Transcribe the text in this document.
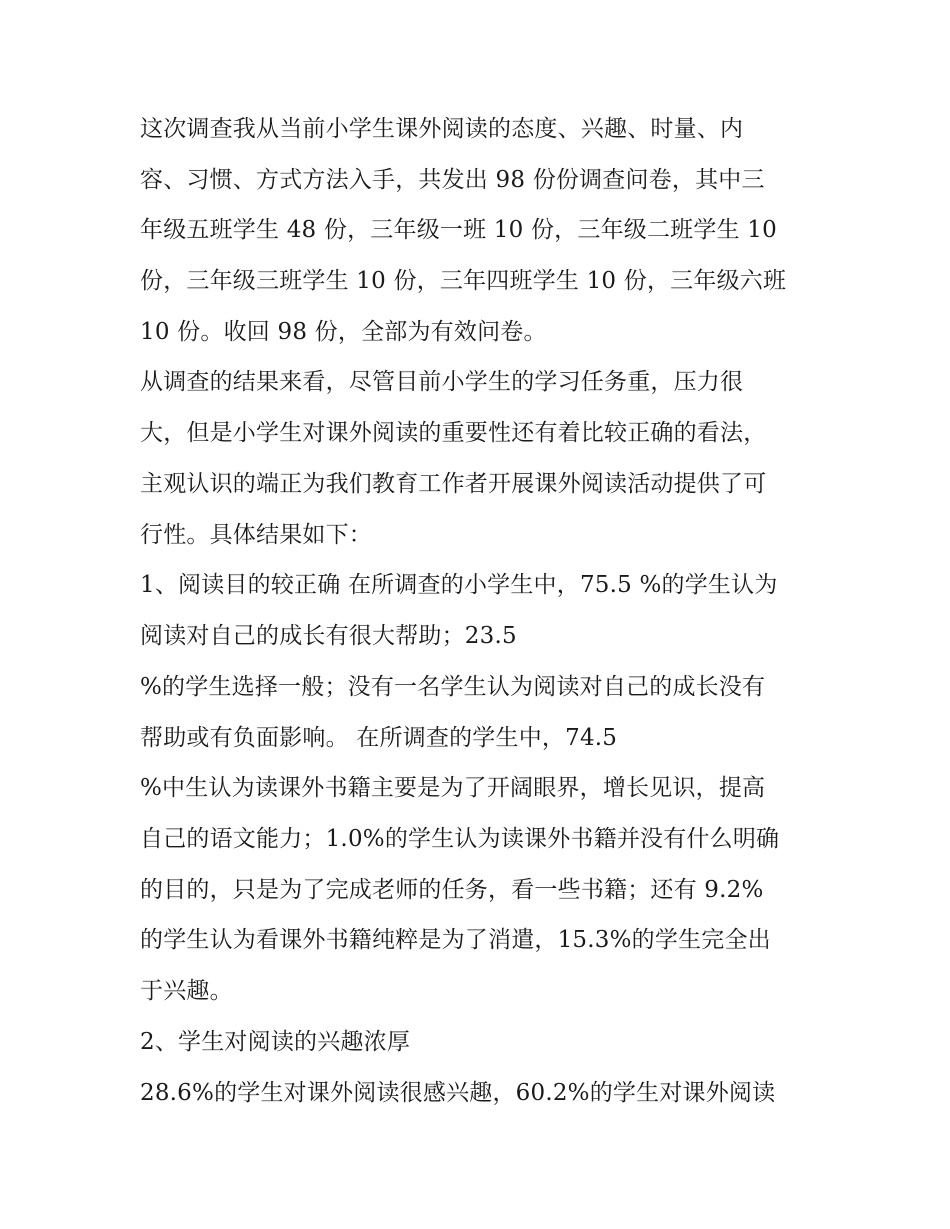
这次调查我从当前小学生课外阅读的态度、兴趣、时量、内
容、习惯、方式方法入手，共发出 98 份份调查问卷，其中三
年级五班学生 48 份，三年级一班 10 份，三年级二班学生 10
份，三年级三班学生 10 份，三年四班学生 10 份，三年级六班
10 份。收回 98 份，全部为有效问卷。
从调查的结果来看，尽管目前小学生的学习任务重，压力很
大，但是小学生对课外阅读的重要性还有着比较正确的看法，
主观认识的端正为我们教育工作者开展课外阅读活动提供了可
行性。具体结果如下：
1、阅读目的较正确 在所调查的小学生中，75.5 %的学生认为
阅读对自己的成长有很大帮助；23.5
%的学生选择一般；没有一名学生认为阅读对自己的成长没有
帮助或有负面影响。 在所调查的学生中，74.5
%中生认为读课外书籍主要是为了开阔眼界，增长见识，提高
自己的语文能力；1.0%的学生认为读课外书籍并没有什么明确
的目的，只是为了完成老师的任务，看一些书籍；还有 9.2%
的学生认为看课外书籍纯粹是为了消遣，15.3%的学生完全出
于兴趣。
2、学生对阅读的兴趣浓厚
28.6%的学生对课外阅读很感兴趣，60.2%的学生对课外阅读
